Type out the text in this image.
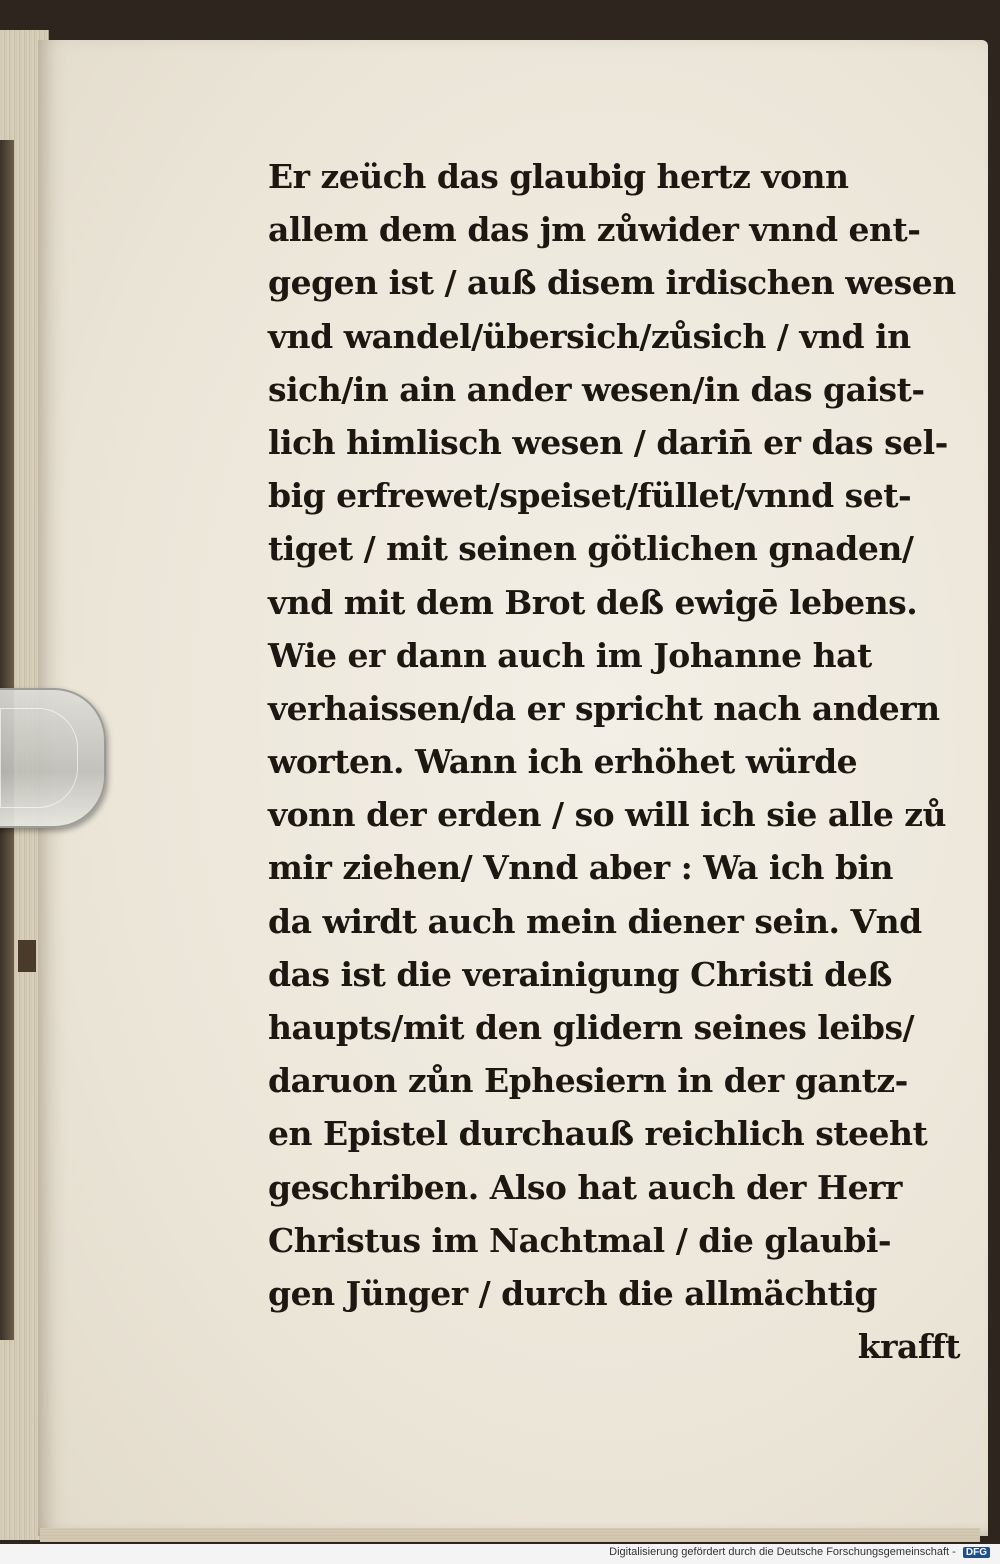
Er zeüch das glaubig hertz vonn
allem dem das jm zůwider vnnd ent-
gegen ist / auß disem irdischen wesen
vnd wandel/übersich/zůsich / vnd in
sich/in ain ander wesen/in das gaist-
lich himlisch wesen / darin̄ er das sel-
big erfrewet/speiset/füllet/vnnd set-
tiget / mit seinen götlichen gnaden/
vnd mit dem Brot deß ewigē lebens.
Wie er dann auch im Johanne hat
verhaissen/da er spricht nach andern
worten. Wann ich erhöhet würde
vonn der erden / so will ich sie alle zů
mir ziehen/ Vnnd aber : Wa ich bin
da wirdt auch mein diener sein. Vnd
das ist die verainigung Christi deß
haupts/mit den glidern seines leibs/
daruon zůn Ephesiern in der gantz-
en Epistel durchauß reichlich steeht
geschriben. Also hat auch der Herr
Christus im Nachtmal / die glaubi-
gen Jünger / durch die allmächtig
krafft
Digitalisierung gefördert durch die Deutsche Forschungsgemeinschaft - DFG
